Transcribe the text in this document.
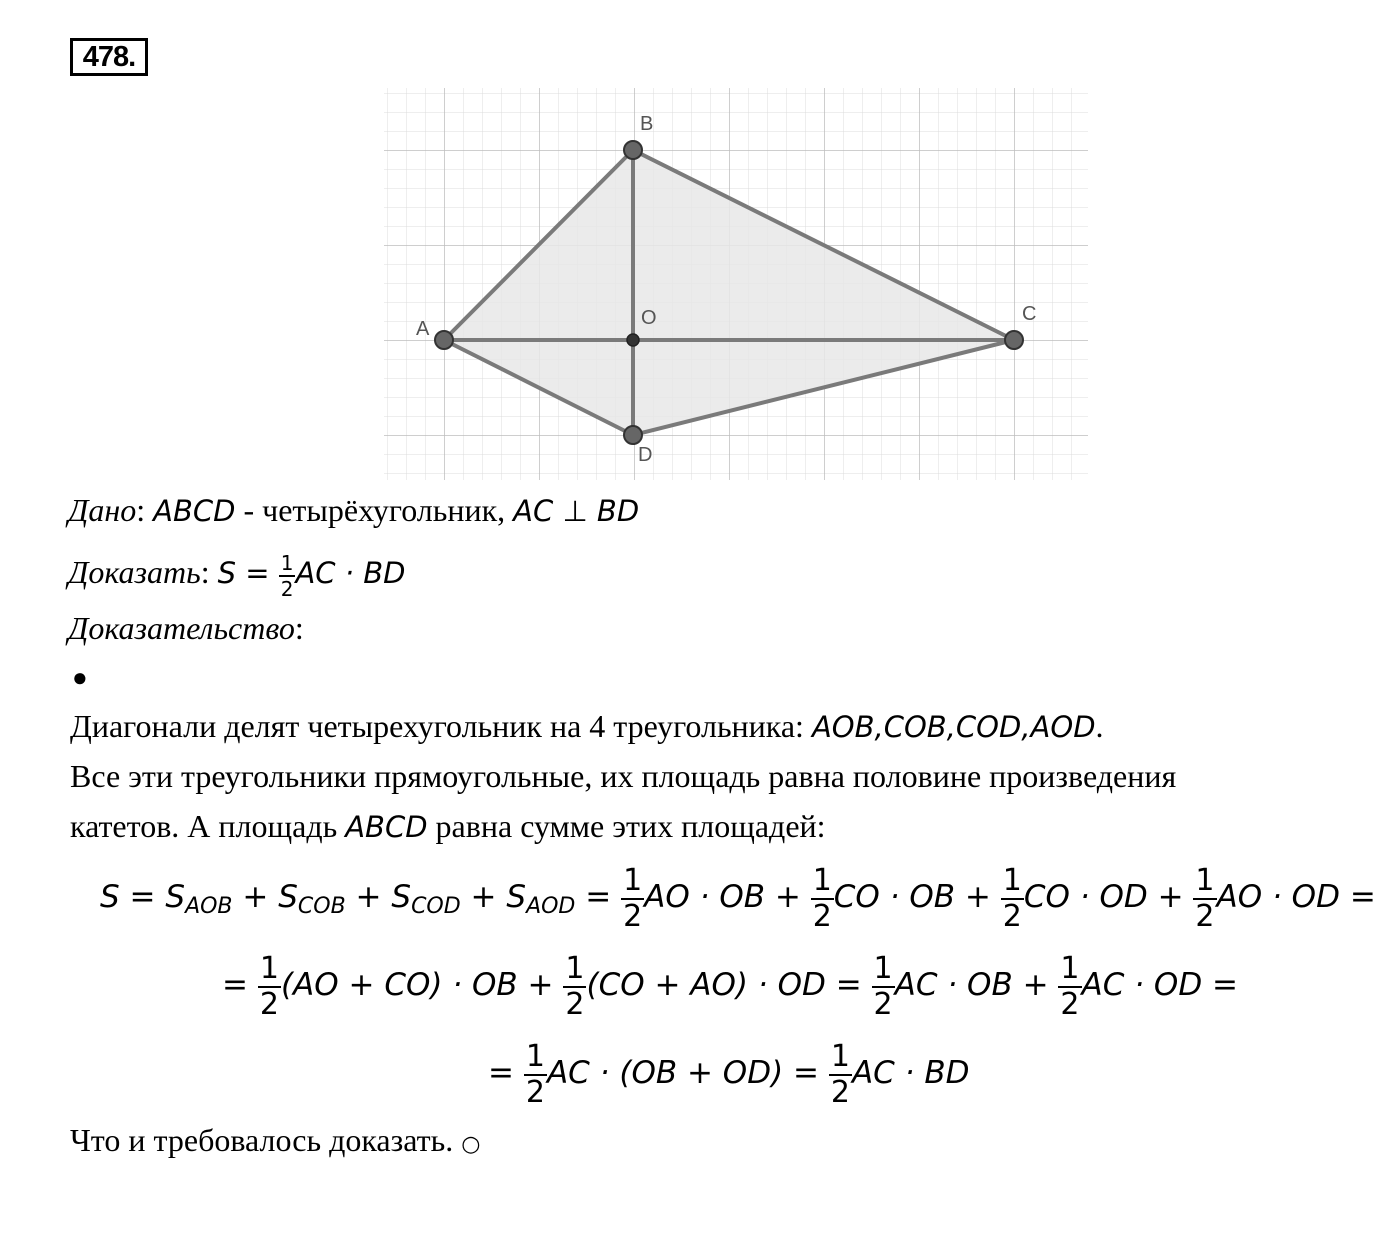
478.
A
B
C
D
O
Дано: ABCD - четырёхугольник, AC ⊥ BD
Доказать: $S = \frac{1}{2}$ AC · BD
Доказательство:
●
Диагонали делят четырехугольник на 4 треугольника: AOB,COB,COD,AOD.
Все эти треугольники прямоугольные, их площадь равна половине произведения
катетов. А площадь ABCD равна сумме этих площадей:
$S = S_{AOB} + S_{COB} + S_{COD} + S_{AOD} = \frac{1}{2}$ AO · OB + $\frac{1}{2}$ CO · OB + $\frac{1}{2}$ CO · OD + $\frac{1}{2}$ AO · OD =
= $\frac{1}{2} (AO + CO)$ · OB + $\frac{1}{2} (CO + AO)$ · OD = $\frac{1}{2}$ AC · OB + $\frac{1}{2}$ AC · OD =
= $\frac{1}{2}$ AC · $(OB + OD) = \frac{1}{2}$ AC · BD
Что и требовалось доказать. ○
